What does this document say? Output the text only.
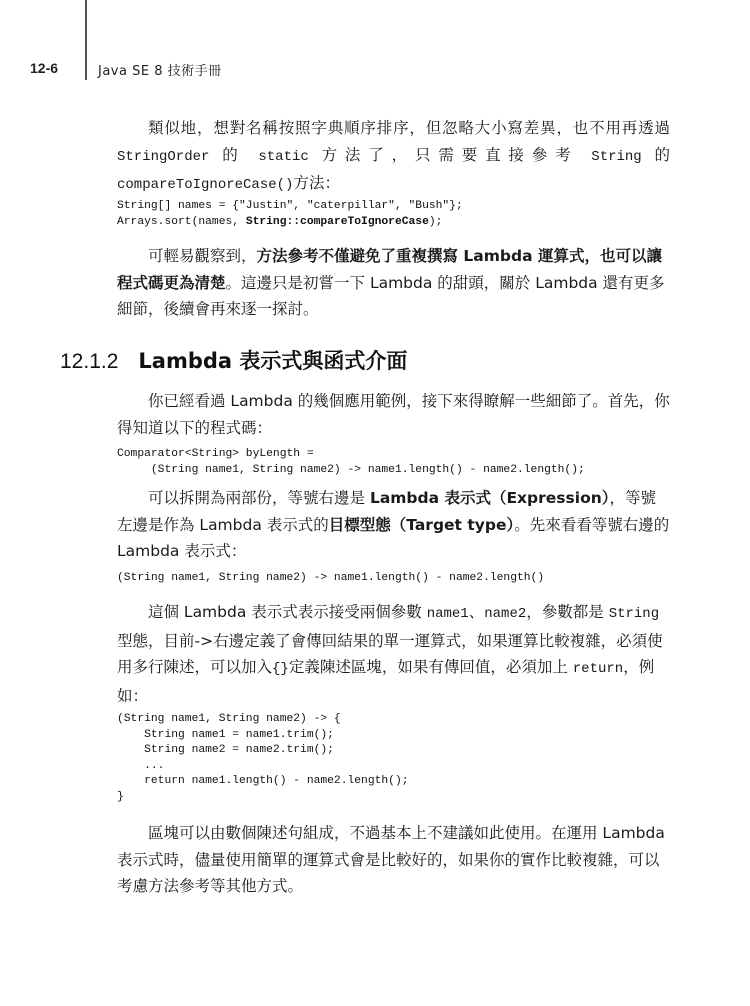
12-6	Java SE 8 技術手冊

類似地，想對名稱按照字典順序排序，但忽略大小寫差異，也不用再透過 StringOrder 的 static 方法了，只需要直接參考 String 的 compareToIgnoreCase()方法：

String[] names = {"Justin", "caterpillar", "Bush"};
Arrays.sort(names, String::compareToIgnoreCase);

可輕易觀察到，方法參考不僅避免了重複撰寫 Lambda 運算式，也可以讓程式碼更為清楚。這邊只是初嘗一下 Lambda 的甜頭，關於 Lambda 還有更多細節，後續會再來逐一探討。

12.1.2 Lambda 表示式與函式介面

你已經看過 Lambda 的幾個應用範例，接下來得瞭解一些細節了。首先，你得知道以下的程式碼：

Comparator<String> byLength =
(String name1, String name2) -> name1.length() - name2.length();

可以拆開為兩部份，等號右邊是 Lambda 表示式（Expression），等號左邊是作為 Lambda 表示式的目標型態（Target type）。先來看看等號右邊的 Lambda 表示式：

(String name1, String name2) -> name1.length() - name2.length()

這個 Lambda 表示式表示接受兩個參數 name1、name2，參數都是 String 型態，目前->右邊定義了會傳回結果的單一運算式，如果運算比較複雜，必須使用多行陳述，可以加入{}定義陳述區塊，如果有傳回值，必須加上 return，例如：

(String name1, String name2) -> {
String name1 = name1.trim();
String name2 = name2.trim();
...
return name1.length() - name2.length();
}

區塊可以由數個陳述句組成，不過基本上不建議如此使用。在運用 Lambda 表示式時，儘量使用簡單的運算式會是比較好的，如果你的實作比較複雜，可以考慮方法參考等其他方式。
